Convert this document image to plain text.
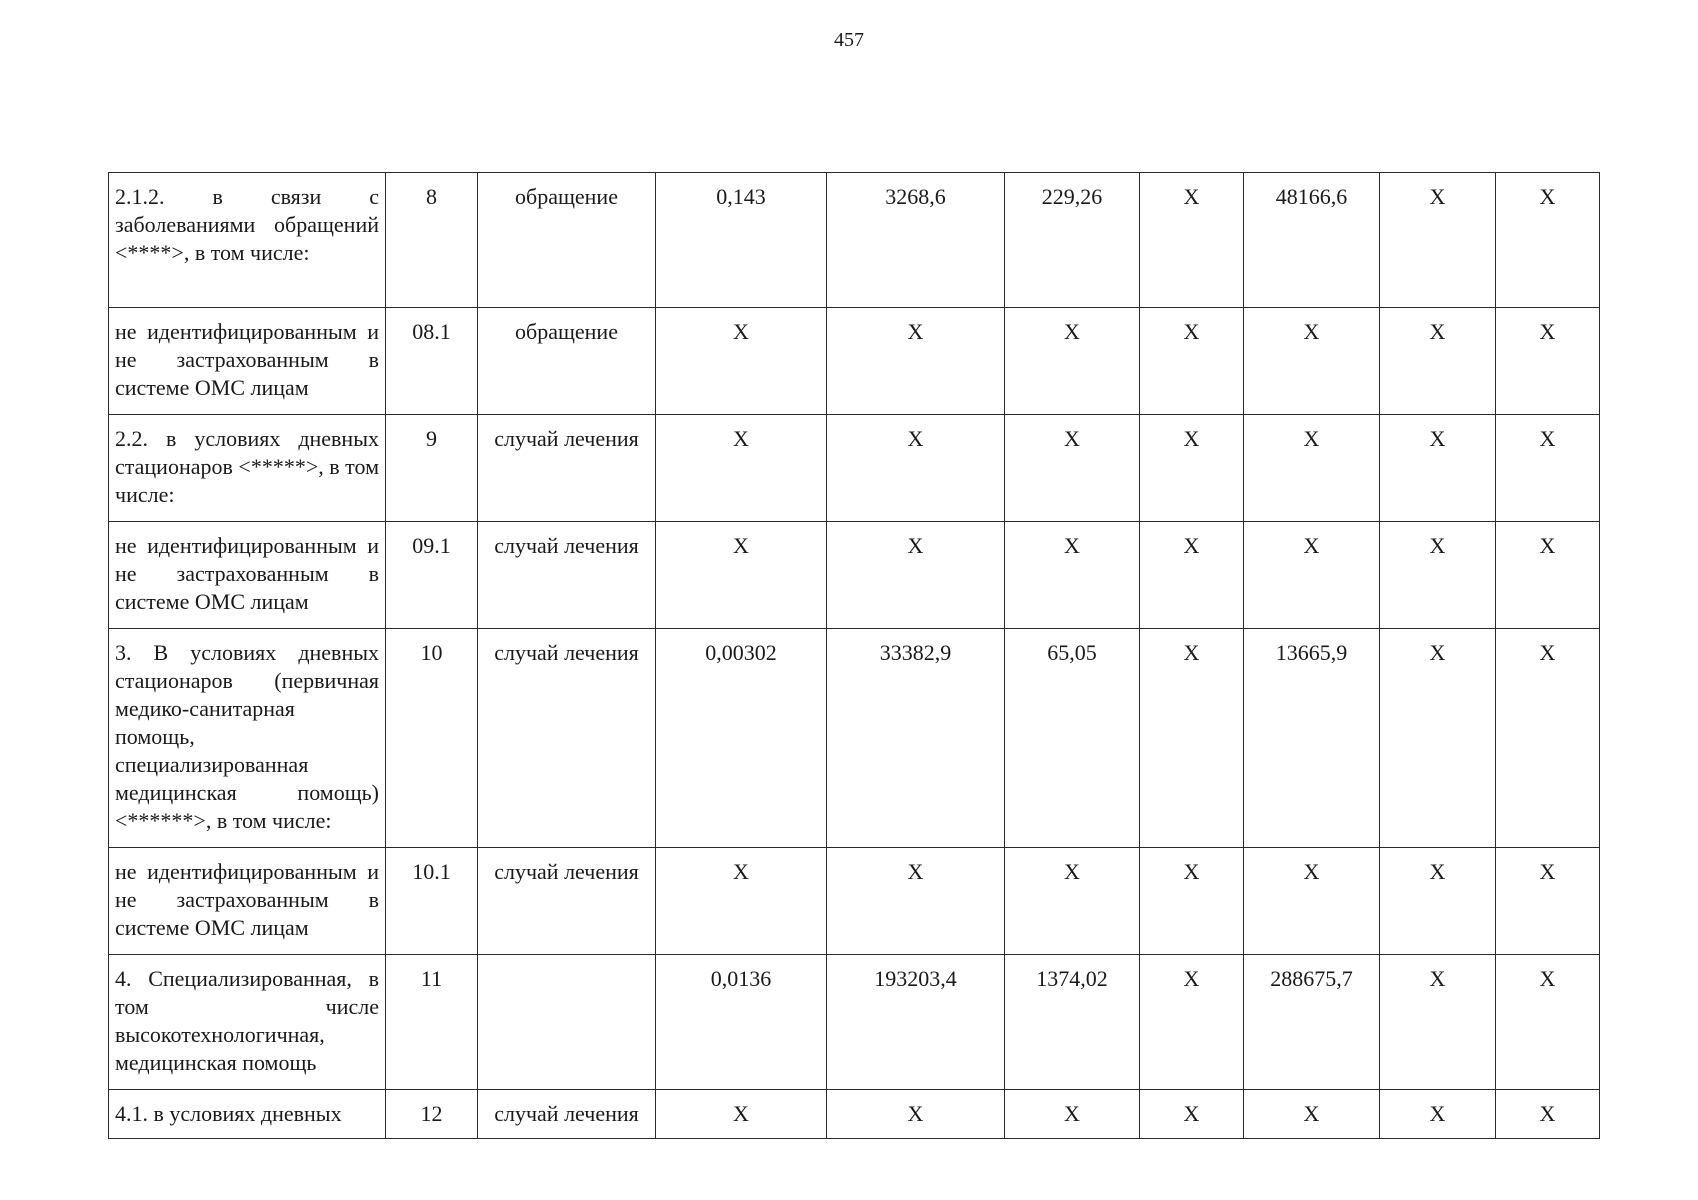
457
2.1.2. в связи с заболеваниями обращений <****>, в том числе:	8	обращение	0,143	3268,6	229,26	X	48166,6	X	X
не идентифицированным и не застрахованным в системе ОМС лицам	08.1	обращение	X	X	X	X	X	X	X
2.2. в условиях дневных стационаров <*****>, в том числе:	9	случай лечения	X	X	X	X	X	X	X
не идентифицированным и не застрахованным в системе ОМС лицам	09.1	случай лечения	X	X	X	X	X	X	X
3. В условиях дневных стационаров (первичная медико-санитарная помощь, специализированная медицинская помощь) <******>, в том числе:	10	случай лечения	0,00302	33382,9	65,05	X	13665,9	X	X
не идентифицированным и не застрахованным в системе ОМС лицам	10.1	случай лечения	X	X	X	X	X	X	X
4. Специализированная, в том числе высокотехнологичная, медицинская помощь	11		0,0136	193203,4	1374,02	X	288675,7	X	X
4.1. в условиях дневных	12	случай лечения	X	X	X	X	X	X	X
